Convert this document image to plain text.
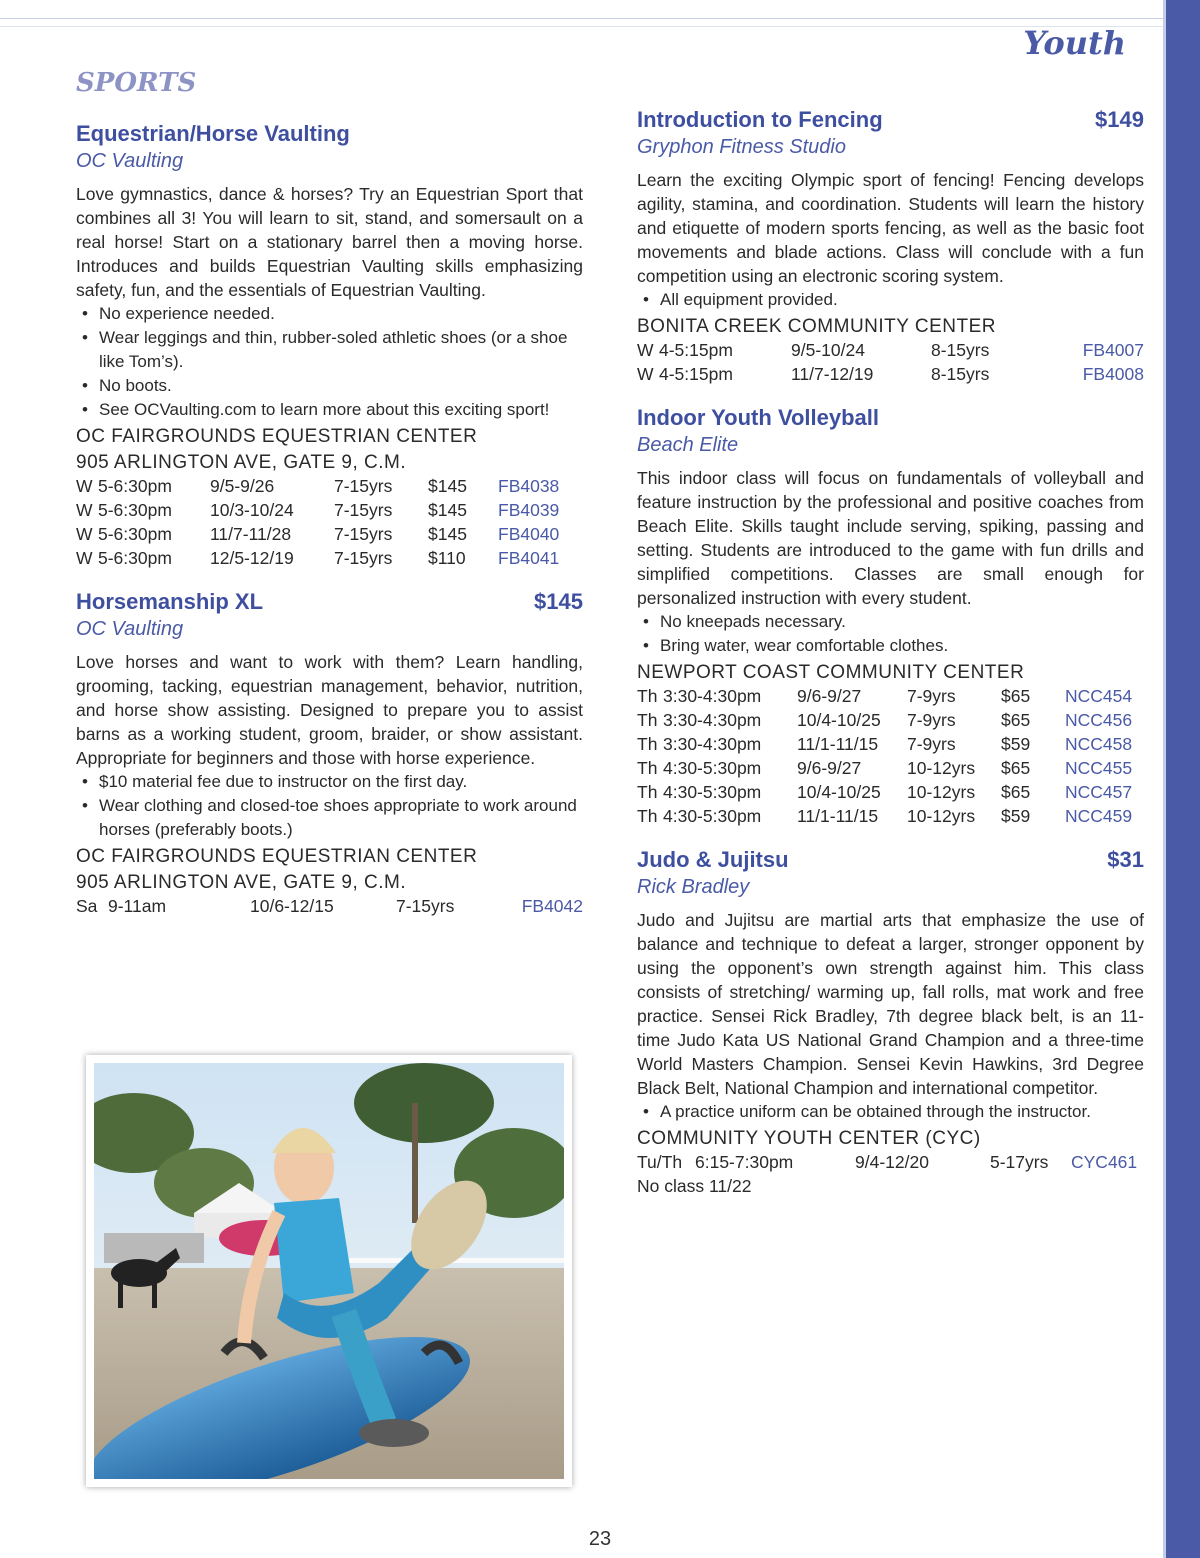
Youth
SPORTS
Equestrian/Horse Vaulting
OC Vaulting
Love gymnastics, dance & horses? Try an Equestrian Sport that combines all 3! You will learn to sit, stand, and somersault on a real horse! Start on a stationary barrel then a moving horse. Introduces and builds Equestrian Vaulting skills emphasizing safety, fun, and the essentials of Equestrian Vaulting.
• No experience needed.
• Wear leggings and thin, rubber-soled athletic shoes (or a shoe like Tom’s).
• No boots.
• See OCVaulting.com to learn more about this exciting sport!
OC FAIRGROUNDS EQUESTRIAN CENTER
905 ARLINGTON AVE, GATE 9, C.M.
W 5-6:30pm	9/5-9/26	7-15yrs	$145	FB4038
W 5-6:30pm	10/3-10/24	7-15yrs	$145	FB4039
W 5-6:30pm	11/7-11/28	7-15yrs	$145	FB4040
W 5-6:30pm	12/5-12/19	7-15yrs	$110	FB4041
Horsemanship XL	$145
OC Vaulting
Love horses and want to work with them? Learn handling, grooming, tacking, equestrian management, behavior, nutrition, and horse show assisting. Designed to prepare you to assist barns as a working student, groom, braider, or show assistant. Appropriate for beginners and those with horse experience.
• $10 material fee due to instructor on the first day.
• Wear clothing and closed-toe shoes appropriate to work around horses (preferably boots.)
OC FAIRGROUNDS EQUESTRIAN CENTER
905 ARLINGTON AVE, GATE 9, C.M.
Sa 9-11am	10/6-12/15	7-15yrs	FB4042
Introduction to Fencing	$149
Gryphon Fitness Studio
Learn the exciting Olympic sport of fencing! Fencing develops agility, stamina, and coordination. Students will learn the history and etiquette of modern sports fencing, as well as the basic foot movements and blade actions. Class will conclude with a fun competition using an electronic scoring system.
• All equipment provided.
BONITA CREEK COMMUNITY CENTER
W 4-5:15pm	9/5-10/24	8-15yrs	FB4007
W 4-5:15pm	11/7-12/19	8-15yrs	FB4008
Indoor Youth Volleyball
Beach Elite
This indoor class will focus on fundamentals of volleyball and feature instruction by the professional and positive coaches from Beach Elite. Skills taught include serving, spiking, passing and setting. Students are introduced to the game with fun drills and simplified competitions. Classes are small enough for personalized instruction with every student.
• No kneepads necessary.
• Bring water, wear comfortable clothes.
NEWPORT COAST COMMUNITY CENTER
Th 3:30-4:30pm	9/6-9/27	7-9yrs	$65	NCC454
Th 3:30-4:30pm	10/4-10/25	7-9yrs	$65	NCC456
Th 3:30-4:30pm	11/1-11/15	7-9yrs	$59	NCC458
Th 4:30-5:30pm	9/6-9/27	10-12yrs	$65	NCC455
Th 4:30-5:30pm	10/4-10/25	10-12yrs	$65	NCC457
Th 4:30-5:30pm	11/1-11/15	10-12yrs	$59	NCC459
Judo & Jujitsu	$31
Rick Bradley
Judo and Jujitsu are martial arts that emphasize the use of balance and technique to defeat a larger, stronger opponent by using the opponent’s own strength against him. This class consists of stretching/ warming up, fall rolls, mat work and free practice. Sensei Rick Bradley, 7th degree black belt, is an 11-time Judo Kata US National Grand Champion and a three-time World Masters Champion. Sensei Kevin Hawkins, 3rd Degree Black Belt, National Champion and international competitor.
• A practice uniform can be obtained through the instructor.
COMMUNITY YOUTH CENTER (CYC)
Tu/Th 6:15-7:30pm	9/4-12/20	5-17yrs	CYC461
No class 11/22
23
